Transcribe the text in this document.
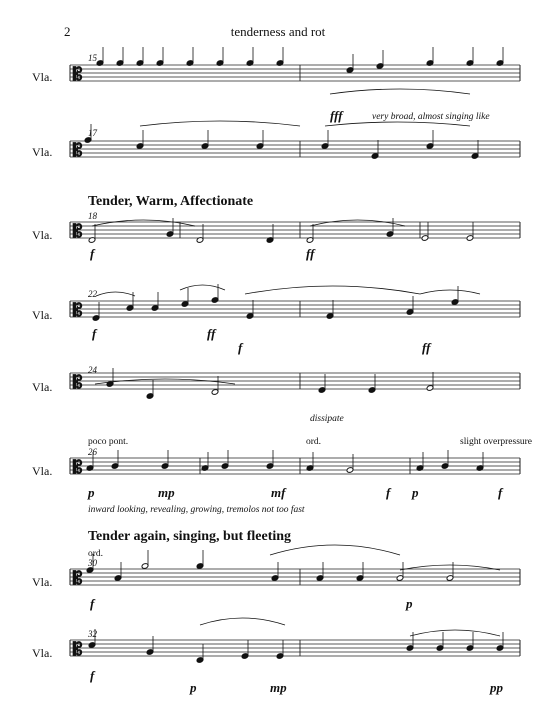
2	tenderness and rot
𝄡
𝄡
𝄡
𝄡
𝄡
𝄡
𝄡
𝄡
Vla.
15
fff	very broad, almost singing like
Vla.
17
Tender, Warm, Affectionate
Vla.
18
f	ff
Vla.
22
f	ff
f	ff
Vla.
24
dissipate
poco pont.	ord.	slight overpressure
Vla.
26
p	mp	mf	f p	f
inward looking, revealing, growing, tremolos not too fast
Tender again, singing, but fleeting
ord.
Vla.
30
f	p
Vla.
32
f
p	mp	pp
